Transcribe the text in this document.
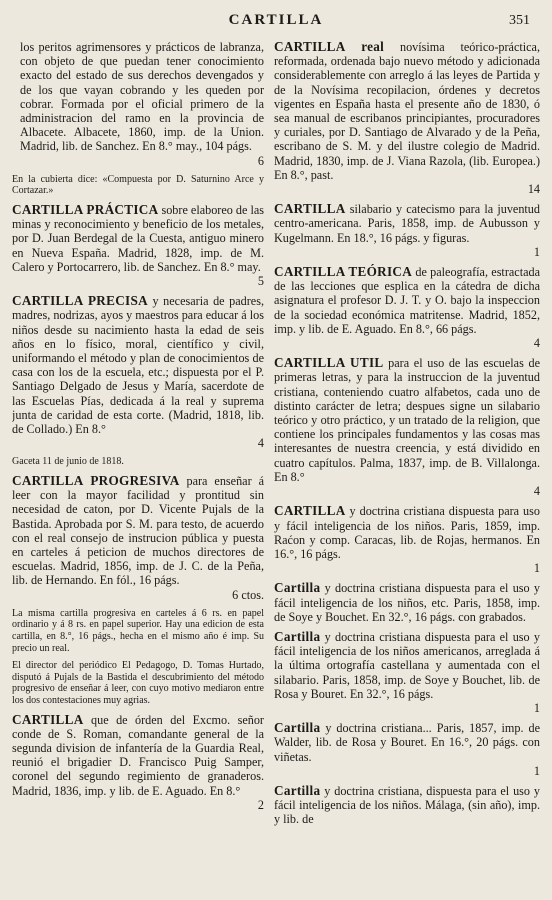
CARTILLA	351

los peritos agrimensores y prácticos de labranza, con objeto de que puedan tener conocimiento exacto del estado de sus derechos devengados y de los que vayan cobrando y les queden por cobrar. Formada por el oficial primero de la administracion del ramo en la provincia de Albacete. Albacete, 1860, imp. de la Union. Madrid, lib. de Sanchez. En 8.° may., 104 págs.
6

En la cubierta dice: «Compuesta por D. Saturnino Arce y Cortazar.»

CARTILLA PRÁCTICA sobre elaboreo de las minas y reconocimiento y beneficio de los metales, por D. Juan Berdegal de la Cuesta, antiguo minero en Nueva España. Madrid, 1828, imp. de M. Calero y Portocarrero, lib. de Sanchez. En 8.° may.
5

CARTILLA PRECISA y necesaria de padres, madres, nodrizas, ayos y maestros para educar á los niños desde su nacimiento hasta la edad de seis años en lo físico, moral, científico y civil, uniformando el método y plan de conocimientos de casa con los de la escuela, etc.; dispuesta por el P. Santiago Delgado de Jesus y María, sacerdote de las Escuelas Pías, dedicada á la real y suprema junta de caridad de esta corte. (Madrid, 1818, lib. de Collado.) En 8.°
4

Gaceta 11 de junio de 1818.

CARTILLA PROGRESIVA para enseñar á leer con la mayor facilidad y prontitud sin necesidad de caton, por D. Vicente Pujals de la Bastida. Aprobada por S. M. para testo, de acuerdo con el real consejo de instrucion pública y puesta en carteles á peticion de muchos directores de escuelas. Madrid, 1856, imp. de J. C. de la Peña, lib. de Hernando. En fól., 16 págs.
6 ctos.

La misma cartilla progresiva en carteles á 6 rs. en papel ordinario y á 8 rs. en papel superior. Hay una edicion de esta cartilla, en 8.°, 16 págs., hecha en el mismo año é imp. Su precio un real.

El director del periódico El Pedagogo, D. Tomas Hurtado, disputó á Pujals de la Bastida el descubrimiento del método progresivo de enseñar á leer, con cuyo motivo mediaron entre los dos contestaciones muy agrias.

CARTILLA que de órden del Excmo. señor conde de S. Roman, comandante general de la segunda division de infantería de la Guardia Real, reunió el brigadier D. Francisco Puig Samper, coronel del segundo regimiento de granaderos. Madrid, 1836, imp. y lib. de E. Aguado. En 8.°
2

CARTILLA real novísima teórico-práctica, reformada, ordenada bajo nuevo método y adicionada considerablemente con arreglo á las leyes de Partida y de la Novísima recopilacion, órdenes y decretos vigentes en España hasta el presente año de 1830, ó sea manual de escribanos principiantes, procuradores y curiales, por D. Santiago de Alvarado y de la Peña, escribano de S. M. y del ilustre colegio de Madrid. Madrid, 1830, imp. de J. Viana Razola, (lib. Europea.) En 8.°, past.
14

CARTILLA silabario y catecismo para la juventud centro-americana. Paris, 1858, imp. de Aubusson y Kugelmann. En 18.°, 16 págs. y figuras.
1

CARTILLA TEÓRICA de paleografía, estractada de las lecciones que esplica en la cátedra de dicha asignatura el profesor D. J. T. y O. bajo la inspeccion de la sociedad económica matritense. Madrid, 1852, imp. y lib. de E. Aguado. En 8.°, 66 págs.
4

CARTILLA UTIL para el uso de las escuelas de primeras letras, y para la instruccion de la juventud cristiana, conteniendo cuatro alfabetos, cada uno de distinto carácter de letra; despues signe un silabario teórico y otro práctico, y un tratado de la religion, que contiene los principales fundamentos y las cosas mas interesantes de nuestra creencia, y está dividido en cuatro capítulos. Palma, 1837, imp. de B. Villalonga. En 8.°
4

CARTILLA y doctrina cristiana dispuesta para uso y fácil inteligencia de los niños. Paris, 1859, imp. Raćon y comp. Caracas, lib. de Rojas, hermanos. En 16.°, 16 págs.
1

Cartilla y doctrina cristiana dispuesta para el uso y fácil inteligencia de los niños, etc. Paris, 1858, imp. de Soye y Bouchet. En 32.°, 16 págs. con grabados.

Cartilla y doctrina cristiana dispuesta para el uso y fácil inteligencia de los niños americanos, arreglada á la última ortografía castellana y aumentada con el silabario. Paris, 1858, imp. de Soye y Bouchet, lib. de Rosa y Bouret. En 32.°, 16 págs.
1

Cartilla y doctrina cristiana... Paris, 1857, imp. de Walder, lib. de Rosa y Bouret. En 16.°, 20 págs. con viñetas.
1

Cartilla y doctrina cristiana, dispuesta para el uso y fácil inteligencia de los niños. Málaga, (sin año), imp. y lib. de
